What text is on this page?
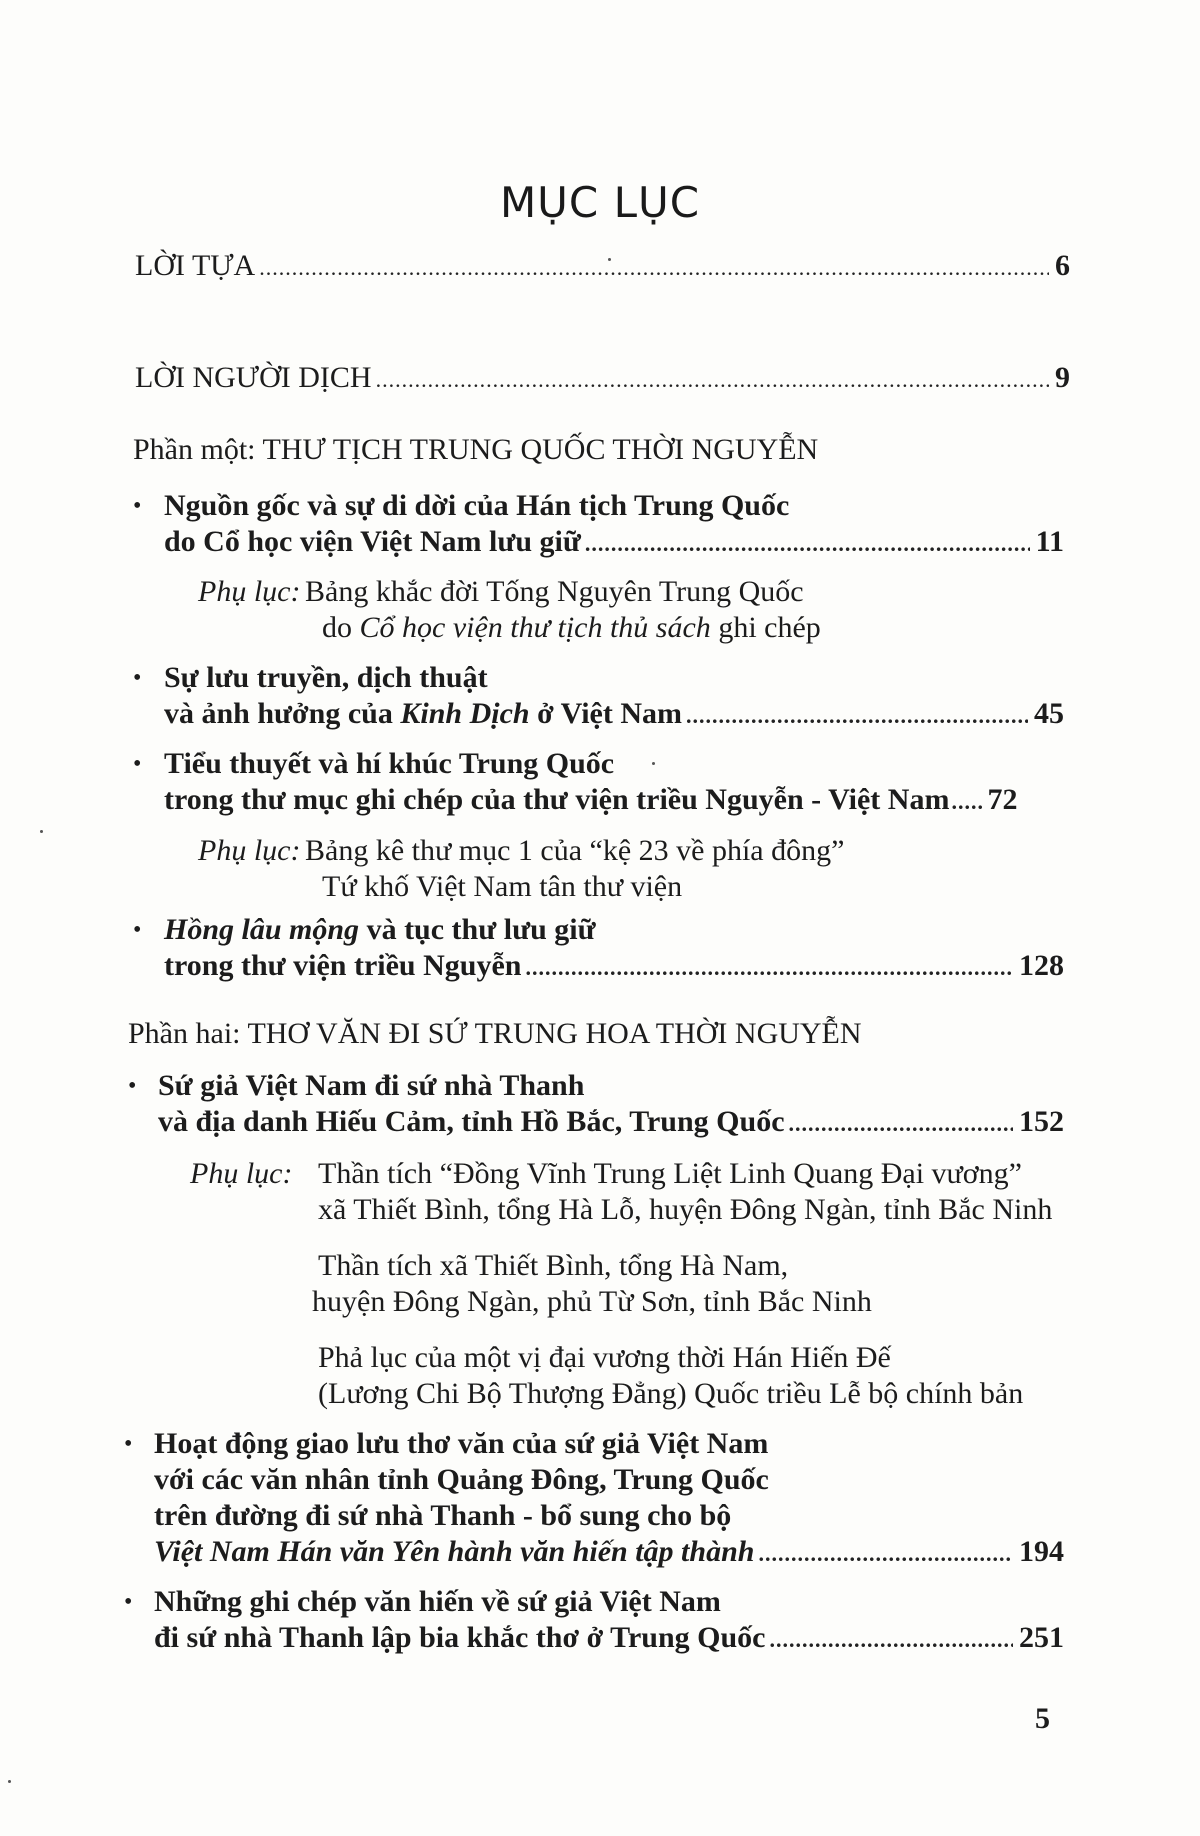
MỤC LỤC
LỜI TỰA .....	6
LỜI NGƯỜI DỊCH .....	9
Phần một: THƯ TỊCH TRUNG QUỐC THỜI NGUYỄN
• Nguồn gốc và sự di dời của Hán tịch Trung Quốc
do Cổ học viện Việt Nam lưu giữ .....	11
Phụ lục: Bảng khắc đời Tống Nguyên Trung Quốc
do Cổ học viện thư tịch thủ sách ghi chép
• Sự lưu truyền, dịch thuật
và ảnh hưởng của Kinh Dịch ở Việt Nam .....	45
• Tiểu thuyết và hí khúc Trung Quốc
trong thư mục ghi chép của thư viện triều Nguyễn - Việt Nam ..... 72
Phụ lục: Bảng kê thư mục 1 của “kệ 23 về phía đông”
Tứ khố Việt Nam tân thư viện
• Hồng lâu mộng và tục thư lưu giữ
trong thư viện triều Nguyễn .....	128
Phần hai: THƠ VĂN ĐI SỨ TRUNG HOA THỜI NGUYỄN
• Sứ giả Việt Nam đi sứ nhà Thanh
và địa danh Hiếu Cảm, tỉnh Hồ Bắc, Trung Quốc .....	152
Phụ lục: Thần tích “Đồng Vĩnh Trung Liệt Linh Quang Đại vương”
xã Thiết Bình, tổng Hà Lỗ, huyện Đông Ngàn, tỉnh Bắc Ninh
Thần tích xã Thiết Bình, tổng Hà Nam,
huyện Đông Ngàn, phủ Từ Sơn, tỉnh Bắc Ninh
Phả lục của một vị đại vương thời Hán Hiến Đế
(Lương Chi Bộ Thượng Đẳng) Quốc triều Lễ bộ chính bản
• Hoạt động giao lưu thơ văn của sứ giả Việt Nam
với các văn nhân tỉnh Quảng Đông, Trung Quốc
trên đường đi sứ nhà Thanh - bổ sung cho bộ
Việt Nam Hán văn Yên hành văn hiến tập thành .....	194
• Những ghi chép văn hiến về sứ giả Việt Nam
đi sứ nhà Thanh lập bia khắc thơ ở Trung Quốc .....	251
5
